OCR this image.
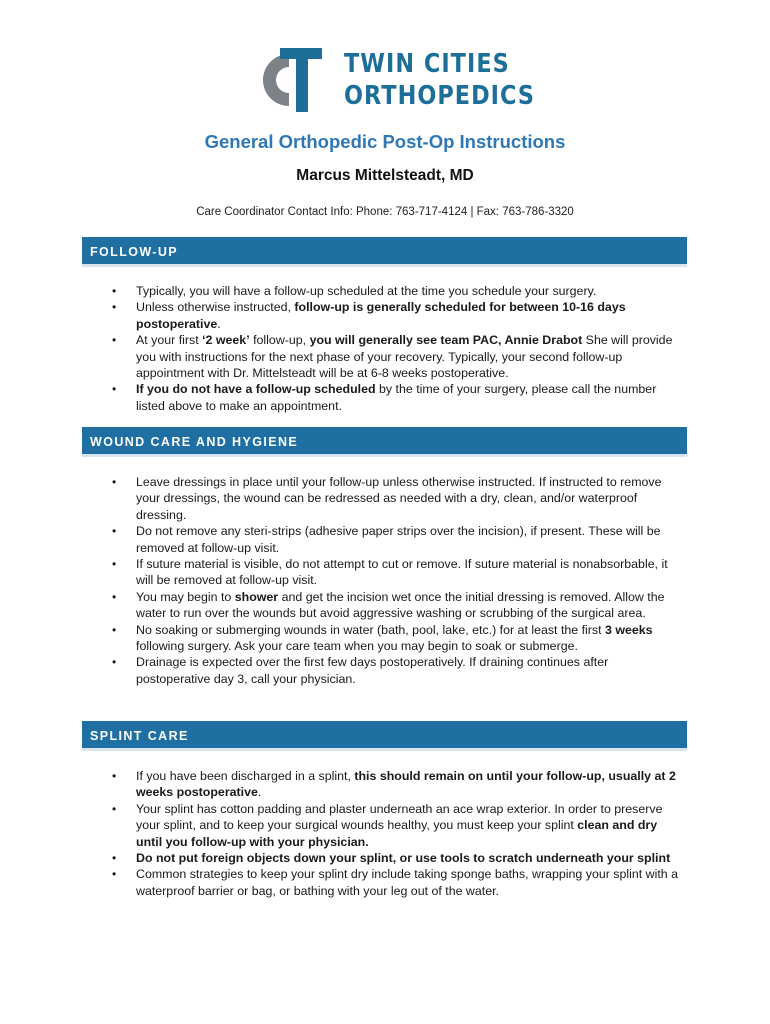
TWIN CITIES
ORTHOPEDICS
General Orthopedic Post-Op Instructions
Marcus Mittelsteadt, MD
Care Coordinator Contact Info: Phone: 763-717-4124 | Fax: 763-786-3320
FOLLOW-UP
• Typically, you will have a follow-up scheduled at the time you schedule your surgery.
• Unless otherwise instructed, follow-up is generally scheduled for between 10-16 days postoperative.
• At your first ‘2 week’ follow-up, you will generally see team PAC, Annie Drabot She will provide you with instructions for the next phase of your recovery. Typically, your second follow-up appointment with Dr. Mittelsteadt will be at 6-8 weeks postoperative.
• If you do not have a follow-up scheduled by the time of your surgery, please call the number listed above to make an appointment.
WOUND CARE AND HYGIENE
• Leave dressings in place until your follow-up unless otherwise instructed. If instructed to remove your dressings, the wound can be redressed as needed with a dry, clean, and/or waterproof dressing.
• Do not remove any steri-strips (adhesive paper strips over the incision), if present. These will be removed at follow-up visit.
• If suture material is visible, do not attempt to cut or remove. If suture material is nonabsorbable, it will be removed at follow-up visit.
• You may begin to shower and get the incision wet once the initial dressing is removed. Allow the water to run over the wounds but avoid aggressive washing or scrubbing of the surgical area.
• No soaking or submerging wounds in water (bath, pool, lake, etc.) for at least the first 3 weeks following surgery. Ask your care team when you may begin to soak or submerge.
• Drainage is expected over the first few days postoperatively. If draining continues after postoperative day 3, call your physician.
SPLINT CARE
• If you have been discharged in a splint, this should remain on until your follow-up, usually at 2 weeks postoperative.
• Your splint has cotton padding and plaster underneath an ace wrap exterior. In order to preserve your splint, and to keep your surgical wounds healthy, you must keep your splint clean and dry until you follow-up with your physician.
• Do not put foreign objects down your splint, or use tools to scratch underneath your splint
• Common strategies to keep your splint dry include taking sponge baths, wrapping your splint with a waterproof barrier or bag, or bathing with your leg out of the water.
